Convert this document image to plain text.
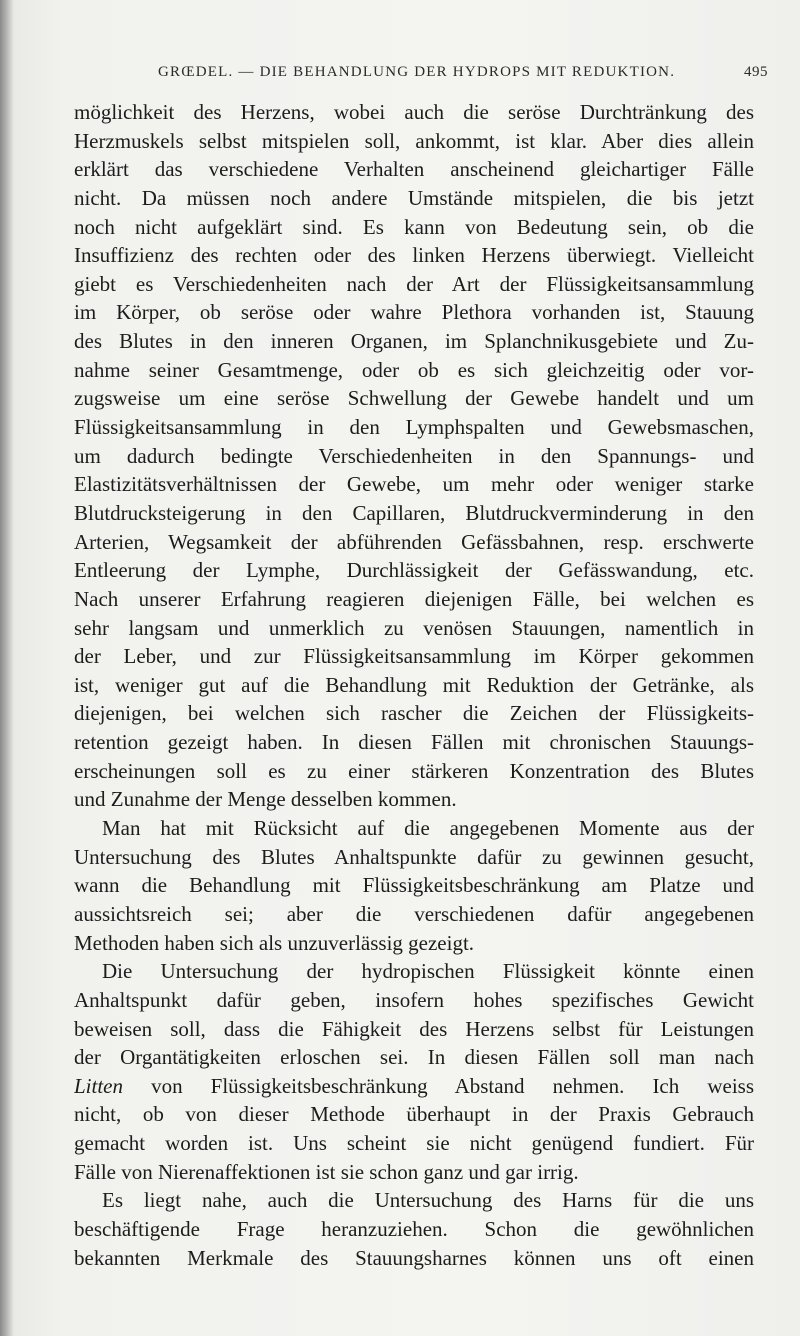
GRŒDEL. — DIE BEHANDLUNG DER HYDROPS MIT REDUKTION.	495
möglichkeit des Herzens, wobei auch die seröse Durchtränkung des
Herzmuskels selbst mitspielen soll, ankommt, ist klar. Aber dies allein
erklärt das verschiedene Verhalten anscheinend gleichartiger Fälle
nicht. Da müssen noch andere Umstände mitspielen, die bis jetzt
noch nicht aufgeklärt sind. Es kann von Bedeutung sein, ob die
Insuffizienz des rechten oder des linken Herzens überwiegt. Vielleicht
giebt es Verschiedenheiten nach der Art der Flüssigkeitsansammlung
im Körper, ob seröse oder wahre Plethora vorhanden ist, Stauung
des Blutes in den inneren Organen, im Splanchnikusgebiete und Zu-
nahme seiner Gesamtmenge, oder ob es sich gleichzeitig oder vor-
zugsweise um eine seröse Schwellung der Gewebe handelt und um
Flüssigkeitsansammlung in den Lymphspalten und Gewebsmaschen,
um dadurch bedingte Verschiedenheiten in den Spannungs- und
Elastizitätsverhältnissen der Gewebe, um mehr oder weniger starke
Blutdrucksteigerung in den Capillaren, Blutdruckverminderung in den
Arterien, Wegsamkeit der abführenden Gefässbahnen, resp. erschwerte
Entleerung der Lymphe, Durchlässigkeit der Gefässwandung, etc.
Nach unserer Erfahrung reagieren diejenigen Fälle, bei welchen es
sehr langsam und unmerklich zu venösen Stauungen, namentlich in
der Leber, und zur Flüssigkeitsansammlung im Körper gekommen
ist, weniger gut auf die Behandlung mit Reduktion der Getränke, als
diejenigen, bei welchen sich rascher die Zeichen der Flüssigkeits-
retention gezeigt haben. In diesen Fällen mit chronischen Stauungs-
erscheinungen soll es zu einer stärkeren Konzentration des Blutes
und Zunahme der Menge desselben kommen.
Man hat mit Rücksicht auf die angegebenen Momente aus der
Untersuchung des Blutes Anhaltspunkte dafür zu gewinnen gesucht,
wann die Behandlung mit Flüssigkeitsbeschränkung am Platze und
aussichtsreich sei; aber die verschiedenen dafür angegebenen
Methoden haben sich als unzuverlässig gezeigt.
Die Untersuchung der hydropischen Flüssigkeit könnte einen
Anhaltspunkt dafür geben, insofern hohes spezifisches Gewicht
beweisen soll, dass die Fähigkeit des Herzens selbst für Leistungen
der Organtätigkeiten erloschen sei. In diesen Fällen soll man nach
Litten von Flüssigkeitsbeschränkung Abstand nehmen. Ich weiss
nicht, ob von dieser Methode überhaupt in der Praxis Gebrauch
gemacht worden ist. Uns scheint sie nicht genügend fundiert. Für
Fälle von Nierenaffektionen ist sie schon ganz und gar irrig.
Es liegt nahe, auch die Untersuchung des Harns für die uns
beschäftigende Frage heranzuziehen. Schon die gewöhnlichen
bekannten Merkmale des Stauungsharnes können uns oft einen
